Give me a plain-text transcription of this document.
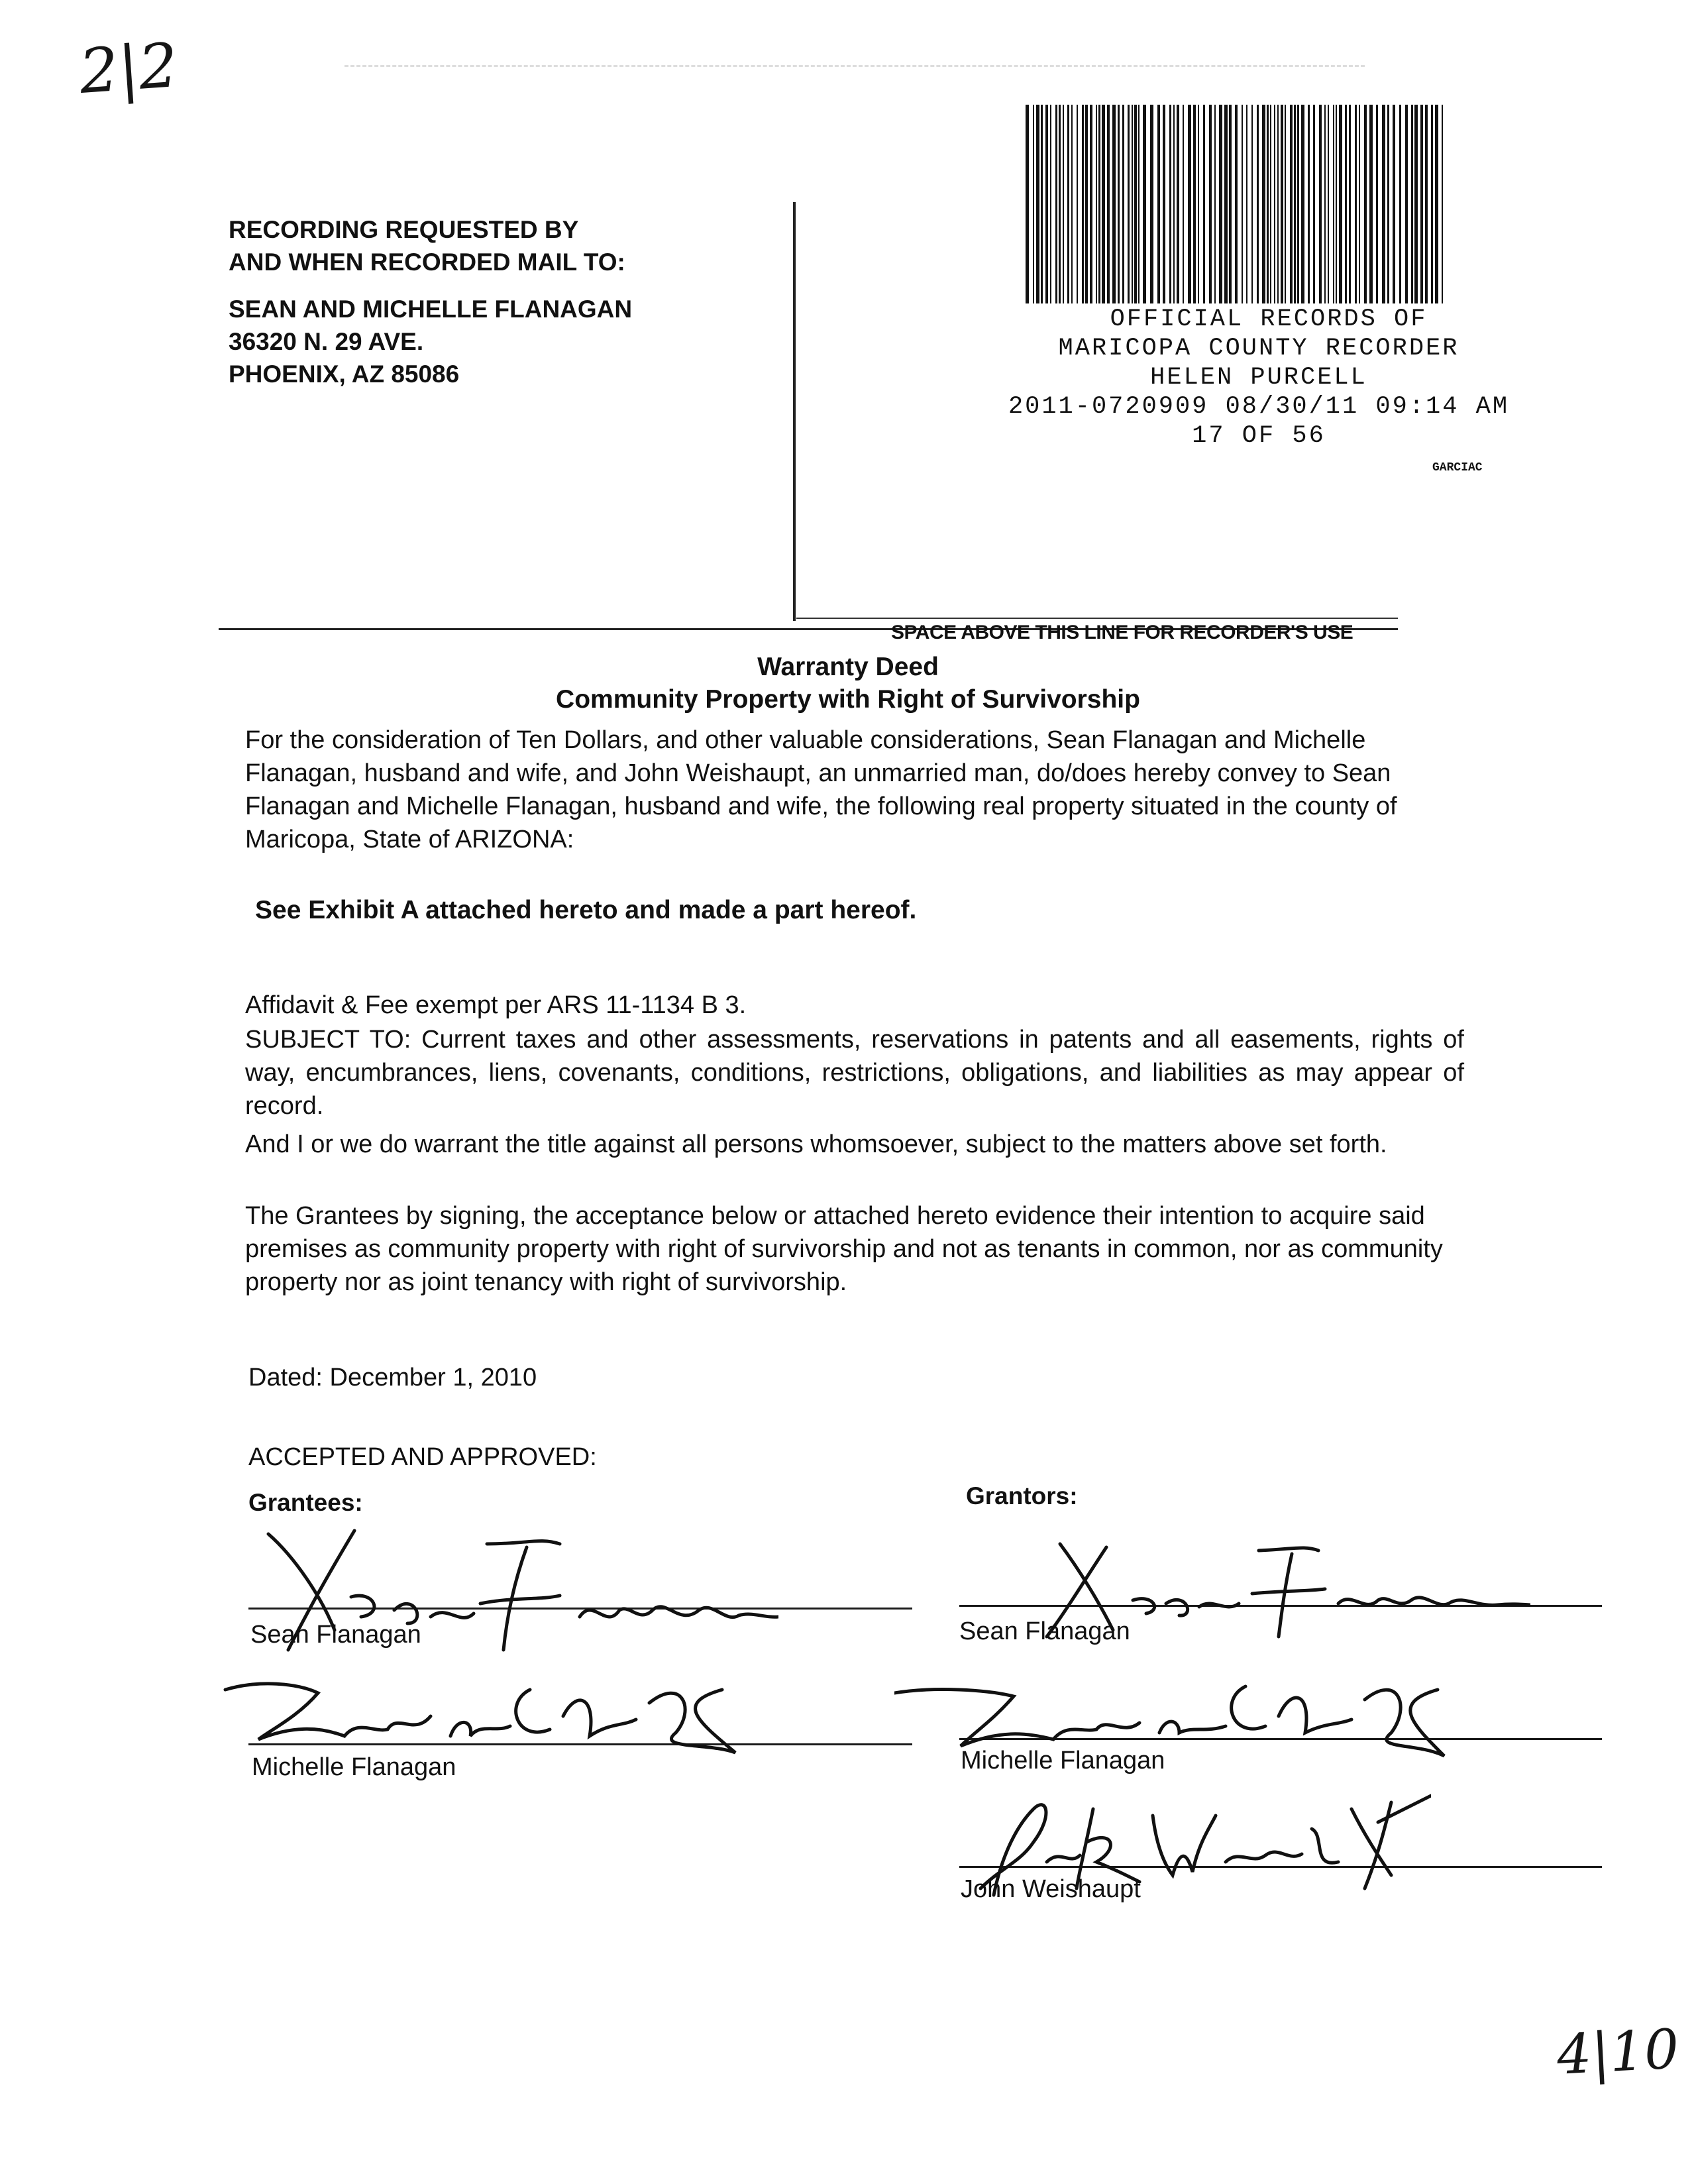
2|2
4|10
RECORDING REQUESTED BY
AND WHEN RECORDED MAIL TO:
SEAN AND MICHELLE FLANAGAN
36320 N. 29 AVE.
PHOENIX, AZ 85086
OFFICIAL RECORDS OF
MARICOPA COUNTY RECORDER
HELEN PURCELL
2011-0720909 08/30/11 09:14 AM
17 OF 56
GARCIAC
SPACE ABOVE THIS LINE FOR RECORDER'S USE
Warranty Deed
Community Property with Right of Survivorship
For the consideration of Ten Dollars, and other valuable considerations, Sean Flanagan and Michelle Flanagan, husband and wife, and John Weishaupt, an unmarried man, do/does hereby convey to Sean Flanagan and Michelle Flanagan, husband and wife, the following real property situated in the county of Maricopa, State of ARIZONA:
See Exhibit A attached hereto and made a part hereof.
Affidavit & Fee exempt per ARS 11-1134 B 3.
SUBJECT TO: Current taxes and other assessments, reservations in patents and all easements, rights of way, encumbrances, liens, covenants, conditions, restrictions, obligations, and liabilities as may appear of record.
And I or we do warrant the title against all persons whomsoever, subject to the matters above set forth.
The Grantees by signing, the acceptance below or attached hereto evidence their intention to acquire said premises as community property with right of survivorship and not as tenants in common, nor as community property nor as joint tenancy with right of survivorship.
Dated: December 1, 2010
ACCEPTED AND APPROVED:
Grantees:	Grantors:
Sean Flanagan
Michelle Flanagan
Sean Flanagan
Michelle Flanagan
John Weishaupt
